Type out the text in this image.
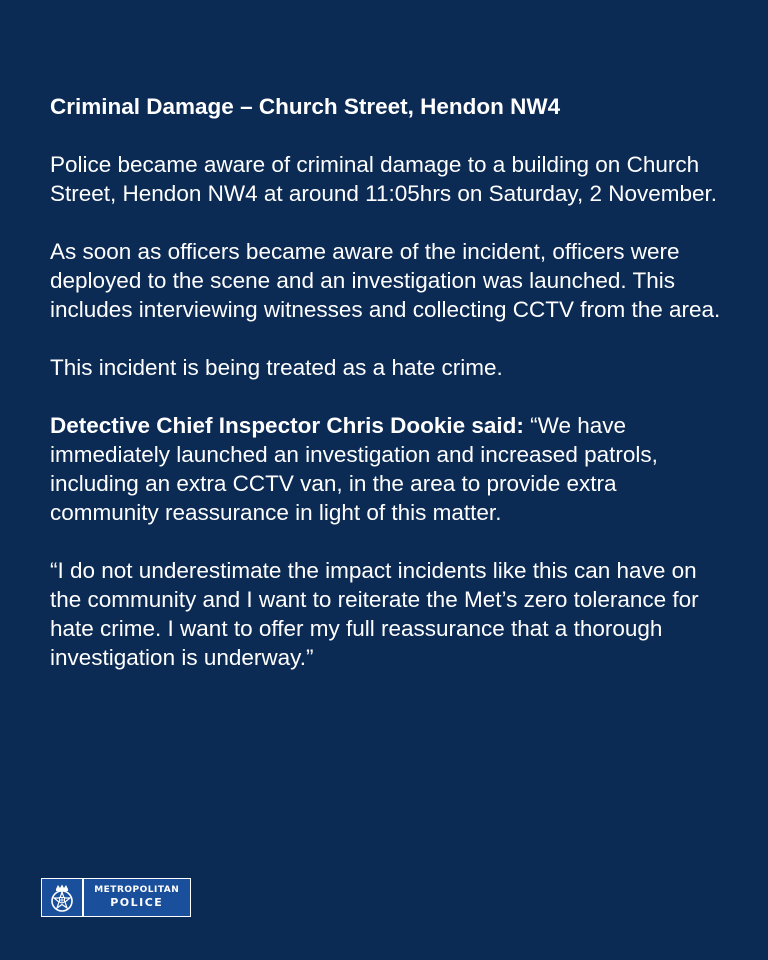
Criminal Damage – Church Street, Hendon NW4

Police became aware of criminal damage to a building on Church Street, Hendon NW4 at around 11:05hrs on Saturday, 2 November.

As soon as officers became aware of the incident, officers were deployed to the scene and an investigation was launched. This includes interviewing witnesses and collecting CCTV from the area.

This incident is being treated as a hate crime.

Detective Chief Inspector Chris Dookie said: “We have immediately launched an investigation and increased patrols, including an extra CCTV van, in the area to provide extra community reassurance in light of this matter.

“I do not underestimate the impact incidents like this can have on the community and I want to reiterate the Met’s zero tolerance for hate crime. I want to offer my full reassurance that a thorough investigation is underway.”

METROPOLITAN
POLICE
